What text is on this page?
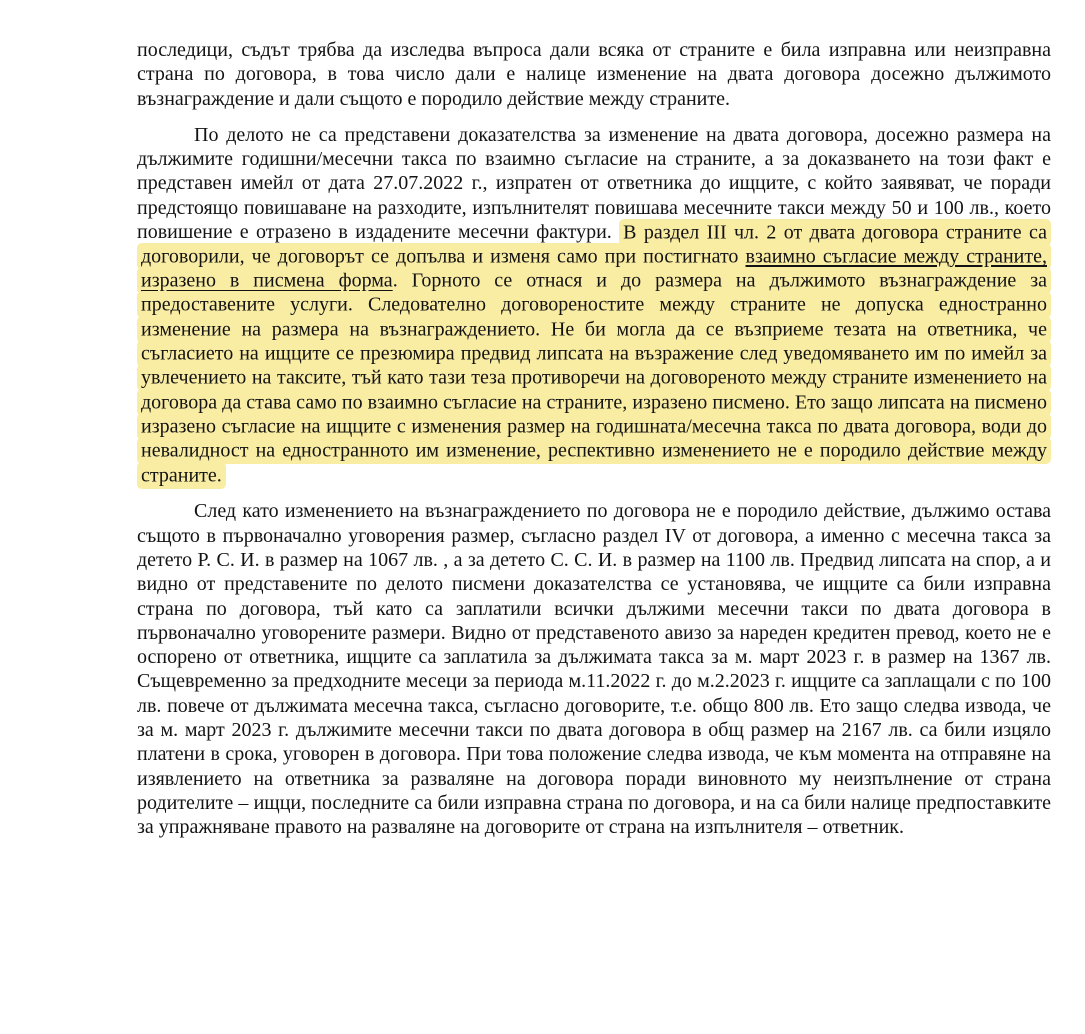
последици, съдът трябва да изследва въпроса дали всяка от страните е била изправна или неизправна страна по договора, в това число дали е налице изменение на двата договора досежно дължимото възнаграждение и дали същото е породило действие между страните.

По делото не са представени доказателства за изменение на двата договора, досежно размера на дължимите годишни/месечни такса по взаимно съгласие на страните, а за доказването на този факт е представен имейл от дата 27.07.2022 г., изпратен от ответника до ищците, с който заявяват, че поради предстоящо повишаване на разходите, изпълнителят повишава месечните такси между 50 и 100 лв., което повишение е отразено в издадените месечни фактури. В раздел III чл. 2 от двата договора страните са договорили, че договорът се допълва и изменя само при постигнато взаимно съгласие между страните, изразено в писмена форма. Горното се отнася и до размера на дължимото възнаграждение за предоставените услуги. Следователно договореностите между страните не допуска едностранно изменение на размера на възнаграждението. Не би могла да се възприеме тезата на ответника, че съгласието на ищците се презюмира предвид липсата на възражение след уведомяването им по имейл за увлечението на таксите, тъй като тази теза противоречи на договореното между страните изменението на договора да става само по взаимно съгласие на страните, изразено писмено. Ето защо липсата на писмено изразено съгласие на ищците с изменения размер на годишната/месечна такса по двата договора, води до невалидност на едностранното им изменение, респективно изменението не е породило действие между страните.

След като изменението на възнаграждението по договора не е породило действие, дължимо остава същото в първоначално уговорения размер, съгласно раздел IV от договора, а именно с месечна такса за детето Р. С. И. в размер на 1067 лв. , а за детето С. С. И. в размер на 1100 лв. Предвид липсата на спор, а и видно от представените по делото писмени доказателства се установява, че ищците са били изправна страна по договора, тъй като са заплатили всички дължими месечни такси по двата договора в първоначално уговорените размери. Видно от представеното авизо за нареден кредитен превод, което не е оспорено от ответника, ищците са заплатила за дължимата такса за м. март 2023 г. в размер на 1367 лв. Същевременно за предходните месеци за периода м.11.2022 г. до м.2.2023 г. ищците са заплащали с по 100 лв. повече от дължимата месечна такса, съгласно договорите, т.е. общо 800 лв. Ето защо следва извода, че за м. март 2023 г. дължимите месечни такси по двата договора в общ размер на 2167 лв. са били изцяло платени в срока, уговорен в договора. При това положение следва извода, че към момента на отправяне на изявлението на ответника за разваляне на договора поради виновното му неизпълнение от страна родителите – ищци, последните са били изправна страна по договора, и на са били налице предпоставките за упражняване правото на разваляне на договорите от страна на изпълнителя – ответник.
